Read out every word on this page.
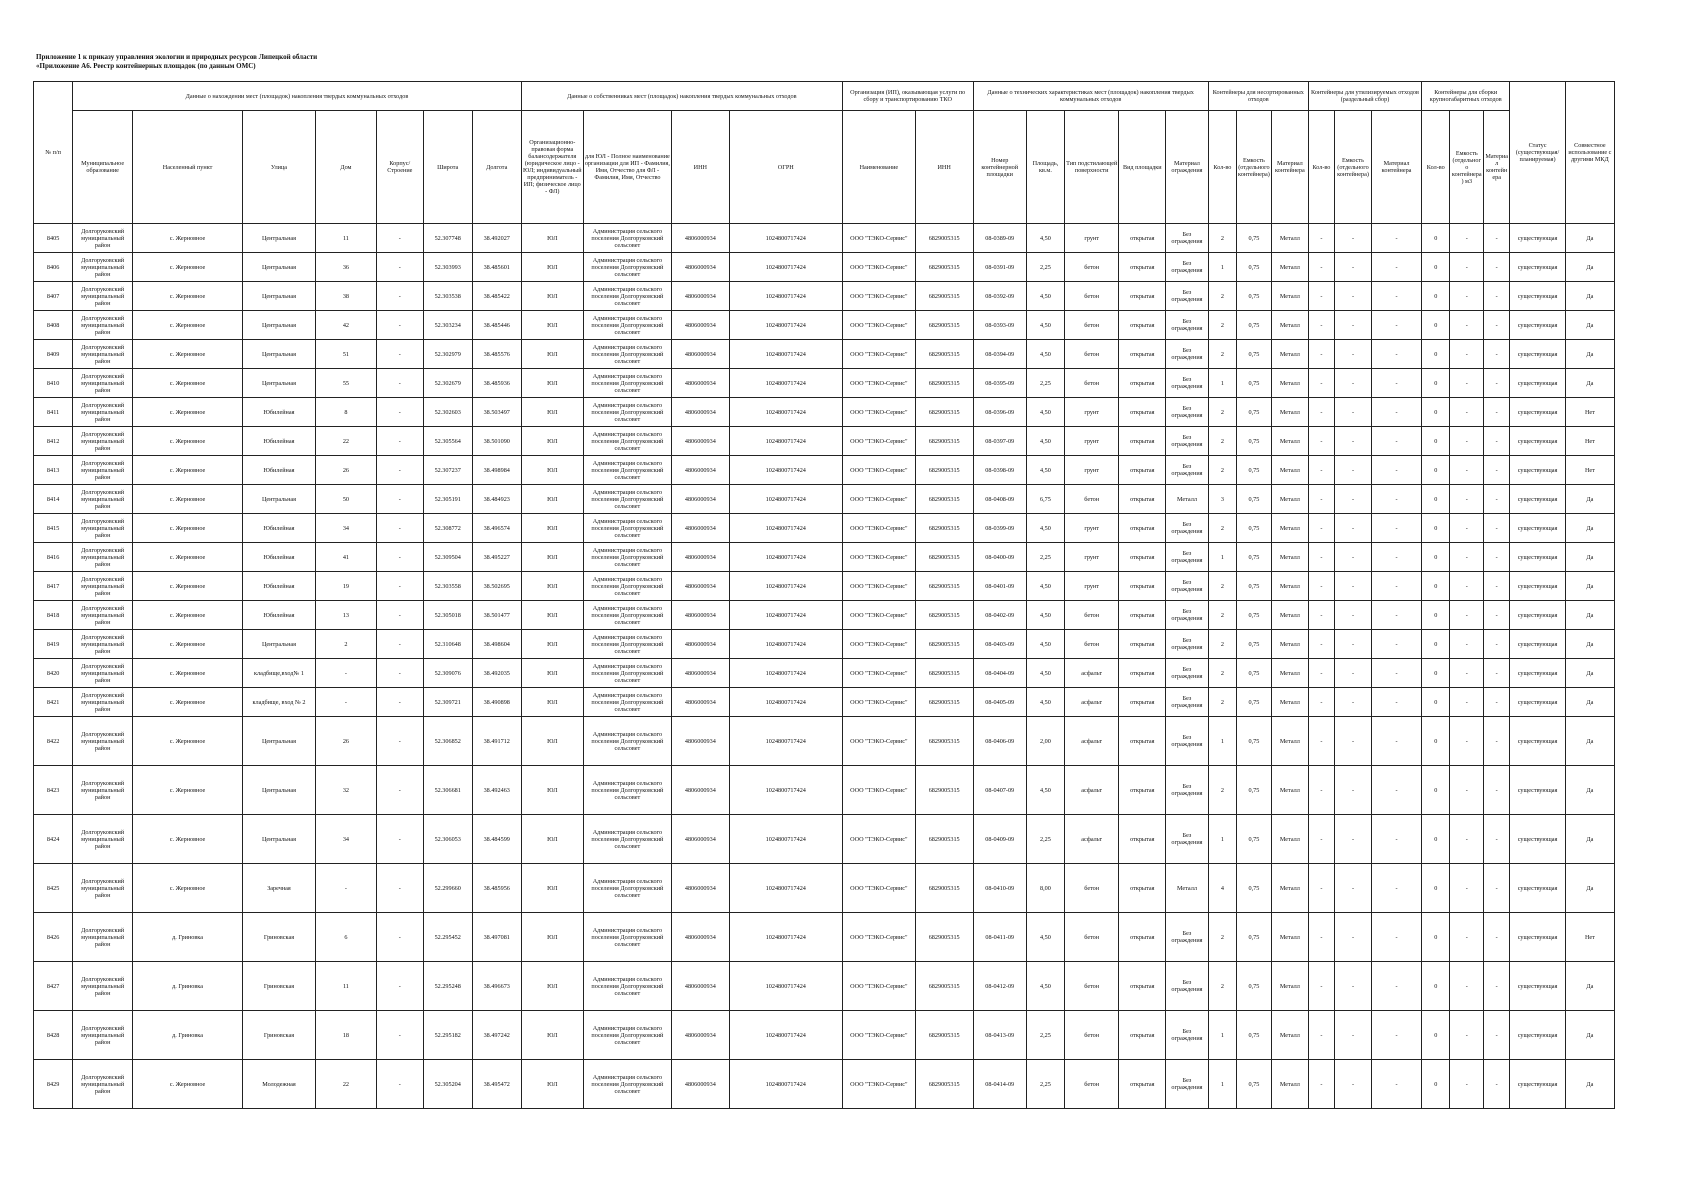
Приложение 1 к приказу управления экологии и природных ресурсов Липецкой области
«Приложение А6. Реестр контейнерных площадок (по данным ОМС)
№ п/п	Данные о нахождении мест (площадок) накопления твердых коммунальных отходов							Данные о собственниках мест (площадок) накопления твердых коммунальных отходов				Организация (ИП), оказывающая услуги по сбору и транспортированию ТКО		Данные о технических характеристиках мест (площадок) накопления твердых коммунальных отходов					Контейнеры для несортированных отходов			Контейнеры для утилизируемых отходов (раздельный сбор)			Контейнеры для сборки крупногабаритных отходов			Статус (существующая/ планируемая)	Совместное использование с другими МКД
	Муниципальное образование	Населенный пункт	Улица	Дом	Корпус/Строение	Широта	Долгота	Организационно-правовая форма балансодержателя (юридическое лицо - ЮЛ; индивидуальный предприниматель - ИП; физическое лицо - ФЛ)	для ЮЛ - Полное наименование организации для ИП - Фамилия, Имя, Отчество для ФЛ - Фамилия, Имя, Отчество	ИНН	ОГРН	Наименование	ИНН	Номер контейнерной площадки	Площадь, кв.м.	Тип подстилающей поверхности	Вид площадки	Материал ограждения	Кол-во	Емкость (отдельного контейнера)	Материал контейнера	Кол-во	Емкость (отдельного контейнера)	Материал контейнера	Кол-во	Емкость (отдельного контейнера) м3	Материал контейнера		
8405	Долгоруковский муниципальный район	с. Жерновное	Центральная	11	-	52.307748	38.492027	ЮЛ	Администрация сельского поселения Долгоруковский сельсовет	4806000934	1024800717424	ООО "ТЭКО-Сервис"	6829005315	08-0389-09	4,50	грунт	открытая	Без ограждения	2	0,75	Металл	-	-	-	0	-	-	существующая	Да
8406	Долгоруковский муниципальный район	с. Жерновное	Центральная	36	-	52.303993	38.485601	ЮЛ	Администрация сельского поселения Долгоруковский сельсовет	4806000934	1024800717424	ООО "ТЭКО-Сервис"	6829005315	08-0391-09	2,25	бетон	открытая	Без ограждения	1	0,75	Металл	-	-	-	0	-	-	существующая	Да
8407	Долгоруковский муниципальный район	с. Жерновное	Центральная	38	-	52.303538	38.485422	ЮЛ	Администрация сельского поселения Долгоруковский сельсовет	4806000934	1024800717424	ООО "ТЭКО-Сервис"	6829005315	08-0392-09	4,50	бетон	открытая	Без ограждения	2	0,75	Металл	-	-	-	0	-	-	существующая	Да
8408	Долгоруковский муниципальный район	с. Жерновное	Центральная	42	-	52.303234	38.485446	ЮЛ	Администрация сельского поселения Долгоруковский сельсовет	4806000934	1024800717424	ООО "ТЭКО-Сервис"	6829005315	08-0393-09	4,50	бетон	открытая	Без ограждения	2	0,75	Металл	-	-	-	0	-	-	существующая	Да
8409	Долгоруковский муниципальный район	с. Жерновное	Центральная	51	-	52.302979	38.485576	ЮЛ	Администрация сельского поселения Долгоруковский сельсовет	4806000934	1024800717424	ООО "ТЭКО-Сервис"	6829005315	08-0394-09	4,50	бетон	открытая	Без ограждения	2	0,75	Металл	-	-	-	0	-	-	существующая	Да
8410	Долгоруковский муниципальный район	с. Жерновное	Центральная	55	-	52.302679	38.485936	ЮЛ	Администрация сельского поселения Долгоруковский сельсовет	4806000934	1024800717424	ООО "ТЭКО-Сервис"	6829005315	08-0395-09	2,25	бетон	открытая	Без ограждения	1	0,75	Металл	-	-	-	0	-	-	существующая	Да
8411	Долгоруковский муниципальный район	с. Жерновное	Юбилейная	8	-	52.302603	38.503497	ЮЛ	Администрация сельского поселения Долгоруковский сельсовет	4806000934	1024800717424	ООО "ТЭКО-Сервис"	6829005315	08-0396-09	4,50	грунт	открытая	Без ограждения	2	0,75	Металл	-	-	-	0	-	-	существующая	Нет
8412	Долгоруковский муниципальный район	с. Жерновное	Юбилейная	22	-	52.305564	38.501090	ЮЛ	Администрация сельского поселения Долгоруковский сельсовет	4806000934	1024800717424	ООО "ТЭКО-Сервис"	6829005315	08-0397-09	4,50	грунт	открытая	Без ограждения	2	0,75	Металл	-	-	-	0	-	-	существующая	Нет
8413	Долгоруковский муниципальный район	с. Жерновное	Юбилейная	26	-	52.307237	38.498984	ЮЛ	Администрация сельского поселения Долгоруковский сельсовет	4806000934	1024800717424	ООО "ТЭКО-Сервис"	6829005315	08-0398-09	4,50	грунт	открытая	Без ограждения	2	0,75	Металл	-	-	-	0	-	-	существующая	Нет
8414	Долгоруковский муниципальный район	с. Жерновное	Центральная	50	-	52.305191	38.484923	ЮЛ	Администрация сельского поселения Долгоруковский сельсовет	4806000934	1024800717424	ООО "ТЭКО-Сервис"	6829005315	08-0408-09	6,75	бетон	открытая	Металл	3	0,75	Металл	-	-	-	0	-	-	существующая	Да
8415	Долгоруковский муниципальный район	с. Жерновное	Юбилейная	34	-	52.308772	38.496574	ЮЛ	Администрация сельского поселения Долгоруковский сельсовет	4806000934	1024800717424	ООО "ТЭКО-Сервис"	6829005315	08-0399-09	4,50	грунт	открытая	Без ограждения	2	0,75	Металл	-	-	-	0	-	-	существующая	Да
8416	Долгоруковский муниципальный район	с. Жерновное	Юбилейная	41	-	52.309504	38.495227	ЮЛ	Администрация сельского поселения Долгоруковский сельсовет	4806000934	1024800717424	ООО "ТЭКО-Сервис"	6829005315	08-0400-09	2,25	грунт	открытая	Без ограждения	1	0,75	Металл	-	-	-	0	-	-	существующая	Да
8417	Долгоруковский муниципальный район	с. Жерновное	Юбилейная	19	-	52.303558	38.502695	ЮЛ	Администрация сельского поселения Долгоруковский сельсовет	4806000934	1024800717424	ООО "ТЭКО-Сервис"	6829005315	08-0401-09	4,50	грунт	открытая	Без ограждения	2	0,75	Металл	-	-	-	0	-	-	существующая	Да
8418	Долгоруковский муниципальный район	с. Жерновное	Юбилейная	13	-	52.305018	38.501477	ЮЛ	Администрация сельского поселения Долгоруковский сельсовет	4806000934	1024800717424	ООО "ТЭКО-Сервис"	6829005315	08-0402-09	4,50	бетон	открытая	Без ограждения	2	0,75	Металл	-	-	-	0	-	-	существующая	Да
8419	Долгоруковский муниципальный район	с. Жерновное	Центральная	2	-	52.310648	38.498604	ЮЛ	Администрация сельского поселения Долгоруковский сельсовет	4806000934	1024800717424	ООО "ТЭКО-Сервис"	6829005315	08-0403-09	4,50	бетон	открытая	Без ограждения	2	0,75	Металл	-	-	-	0	-	-	существующая	Да
8420	Долгоруковский муниципальный район	с. Жерновное	кладбище,вход№ 1	-	-	52.309076	38.492035	ЮЛ	Администрация сельского поселения Долгоруковский сельсовет	4806000934	1024800717424	ООО "ТЭКО-Сервис"	6829005315	08-0404-09	4,50	асфальт	открытая	Без ограждения	2	0,75	Металл	-	-	-	0	-	-	существующая	Да
8421	Долгоруковский муниципальный район	с. Жерновное	кладбище, вход № 2	-	-	52.309721	38.490898	ЮЛ	Администрация сельского поселения Долгоруковский сельсовет	4806000934	1024800717424	ООО "ТЭКО-Сервис"	6829005315	08-0405-09	4,50	асфальт	открытая	Без ограждения	2	0,75	Металл	-	-	-	0	-	-	существующая	Да
8422	Долгоруковский муниципальный район	с. Жерновное	Центральная	26	-	52.306852	38.491712	ЮЛ	Администрация сельского поселения Долгоруковский сельсовет	4806000934	1024800717424	ООО "ТЭКО-Сервис"	6829005315	08-0406-09	2,00	асфальт	открытая	Без ограждения	1	0,75	Металл	-	-	-	0	-	-	существующая	Да
8423	Долгоруковский муниципальный район	с. Жерновное	Центральная	32	-	52.306681	38.492463	ЮЛ	Администрация сельского поселения Долгоруковский сельсовет	4806000934	1024800717424	ООО "ТЭКО-Сервис"	6829005315	08-0407-09	4,50	асфальт	открытая	Без ограждения	2	0,75	Металл	-	-	-	0	-	-	существующая	Да
8424	Долгоруковский муниципальный район	с. Жерновное	Центральная	34	-	52.306053	38.484599	ЮЛ	Администрация сельского поселения Долгоруковский сельсовет	4806000934	1024800717424	ООО "ТЭКО-Сервис"	6829005315	08-0409-09	2,25	асфальт	открытая	Без ограждения	1	0,75	Металл	-	-	-	0	-	-	существующая	Да
8425	Долгоруковский муниципальный район	с. Жерновное	Заречная	-	-	52.299660	38.485956	ЮЛ	Администрация сельского поселения Долгоруковский сельсовет	4806000934	1024800717424	ООО "ТЭКО-Сервис"	6829005315	08-0410-09	8,00	бетон	открытая	Металл	4	0,75	Металл	-	-	-	0	-	-	существующая	Да
8426	Долгоруковский муниципальный район	д. Гриновка	Гриновская	6	-	52.295452	38.497081	ЮЛ	Администрация сельского поселения Долгоруковский сельсовет	4806000934	1024800717424	ООО "ТЭКО-Сервис"	6829005315	08-0411-09	4,50	бетон	открытая	Без ограждения	2	0,75	Металл	-	-	-	0	-	-	существующая	Нет
8427	Долгоруковский муниципальный район	д. Гриновка	Гриновская	11	-	52.295248	38.496673	ЮЛ	Администрация сельского поселения Долгоруковский сельсовет	4806000934	1024800717424	ООО "ТЭКО-Сервис"	6829005315	08-0412-09	4,50	бетон	открытая	Без ограждения	2	0,75	Металл	-	-	-	0	-	-	существующая	Да
8428	Долгоруковский муниципальный район	д. Гриновка	Гриновская	18	-	52.295182	38.497242	ЮЛ	Администрация сельского поселения Долгоруковский сельсовет	4806000934	1024800717424	ООО "ТЭКО-Сервис"	6829005315	08-0413-09	2,25	бетон	открытая	Без ограждения	1	0,75	Металл	-	-	-	0	-	-	существующая	Да
8429	Долгоруковский муниципальный район	с. Жерновное	Молодежная	22	-	52.305204	38.495472	ЮЛ	Администрация сельского поселения Долгоруковский сельсовет	4806000934	1024800717424	ООО "ТЭКО-Сервис"	6829005315	08-0414-09	2,25	бетон	открытая	Без ограждения	1	0,75	Металл	-	-	-	0	-	-	существующая	Да
